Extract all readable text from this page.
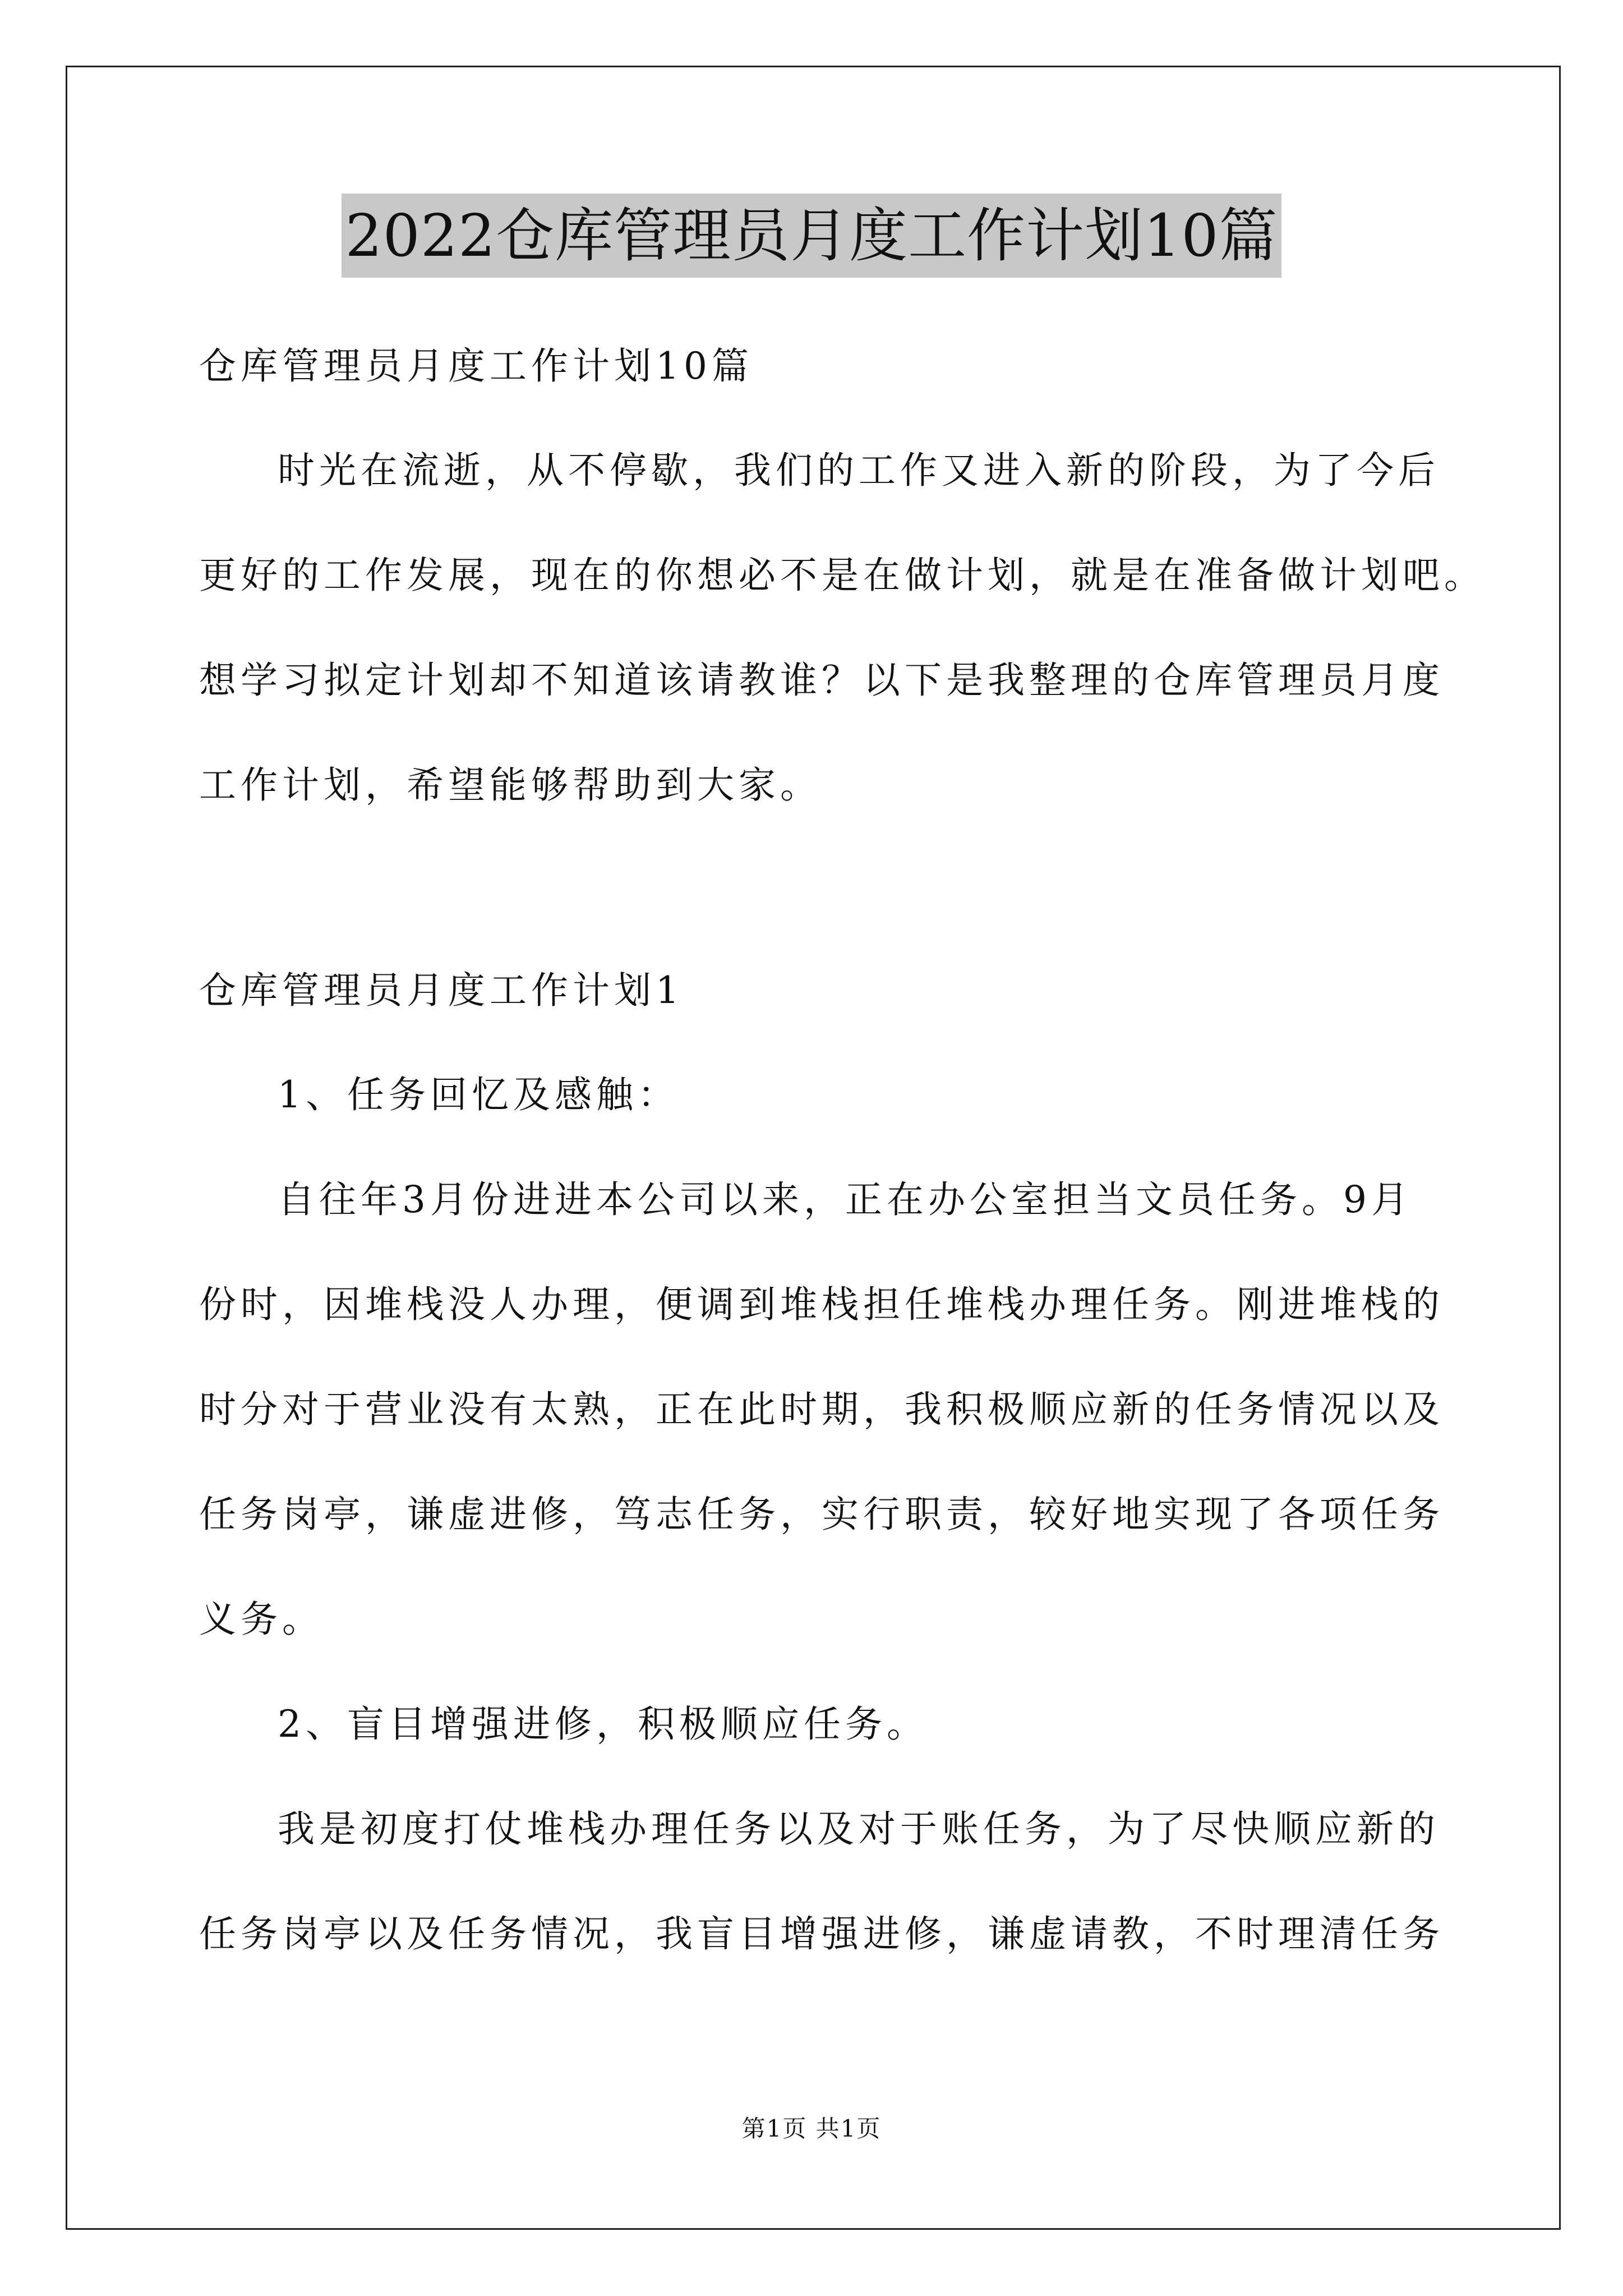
2022仓库管理员月度工作计划10篇
仓库管理员月度工作计划10篇
时光在流逝，从不停歇，我们的工作又进入新的阶段，为了今后
更好的工作发展，现在的你想必不是在做计划，就是在准备做计划吧。
想学习拟定计划却不知道该请教谁？以下是我整理的仓库管理员月度
工作计划，希望能够帮助到大家。
仓库管理员月度工作计划1
1、任务回忆及感触：
自往年3月份进进本公司以来，正在办公室担当文员任务。9月
份时，因堆栈没人办理，便调到堆栈担任堆栈办理任务。刚进堆栈的
时分对于营业没有太熟，正在此时期，我积极顺应新的任务情况以及
任务岗亭，谦虚进修，笃志任务，实行职责，较好地实现了各项任务
义务。
2、盲目增强进修，积极顺应任务。
我是初度打仗堆栈办理任务以及对于账任务，为了尽快顺应新的
任务岗亭以及任务情况，我盲目增强进修，谦虚请教，不时理清任务
第1页 共1页
